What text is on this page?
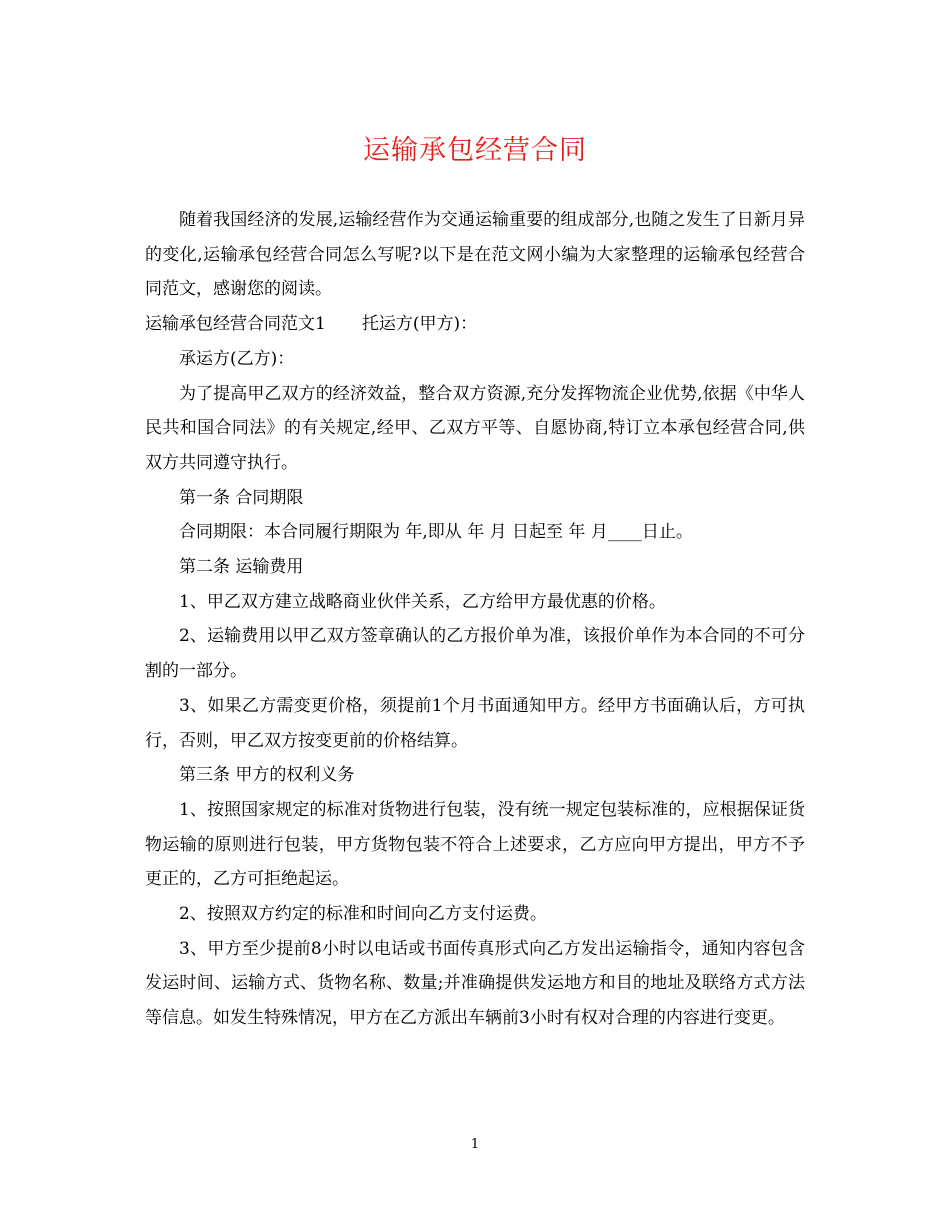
运输承包经营合同

随着我国经济的发展,运输经营作为交通运输重要的组成部分,也随之发生了日新月异的变化,运输承包经营合同怎么写呢?以下是在范文网小编为大家整理的运输承包经营合同范文，感谢您的阅读。

运输承包经营合同范文1 托运方(甲方)：

承运方(乙方)：

为了提高甲乙双方的经济效益，整合双方资源,充分发挥物流企业优势,依据《中华人民共和国合同法》的有关规定,经甲、乙双方平等、自愿协商,特订立本承包经营合同,供双方共同遵守执行。

第一条 合同期限

合同期限：本合同履行期限为 年,即从 年 月 日起至 年 月____日止。

第二条 运输费用

1、甲乙双方建立战略商业伙伴关系，乙方给甲方最优惠的价格。

2、运输费用以甲乙双方签章确认的乙方报价单为准，该报价单作为本合同的不可分割的一部分。

3、如果乙方需变更价格，须提前1个月书面通知甲方。经甲方书面确认后，方可执行，否则，甲乙双方按变更前的价格结算。

第三条 甲方的权利义务

1、按照国家规定的标准对货物进行包装，没有统一规定包装标准的，应根据保证货物运输的原则进行包装，甲方货物包装不符合上述要求，乙方应向甲方提出，甲方不予更正的，乙方可拒绝起运。

2、按照双方约定的标准和时间向乙方支付运费。

3、甲方至少提前8小时以电话或书面传真形式向乙方发出运输指令，通知内容包含发运时间、运输方式、货物名称、数量;并准确提供发运地方和目的地址及联络方式方法等信息。如发生特殊情况，甲方在乙方派出车辆前3小时有权对合理的内容进行变更。

1
